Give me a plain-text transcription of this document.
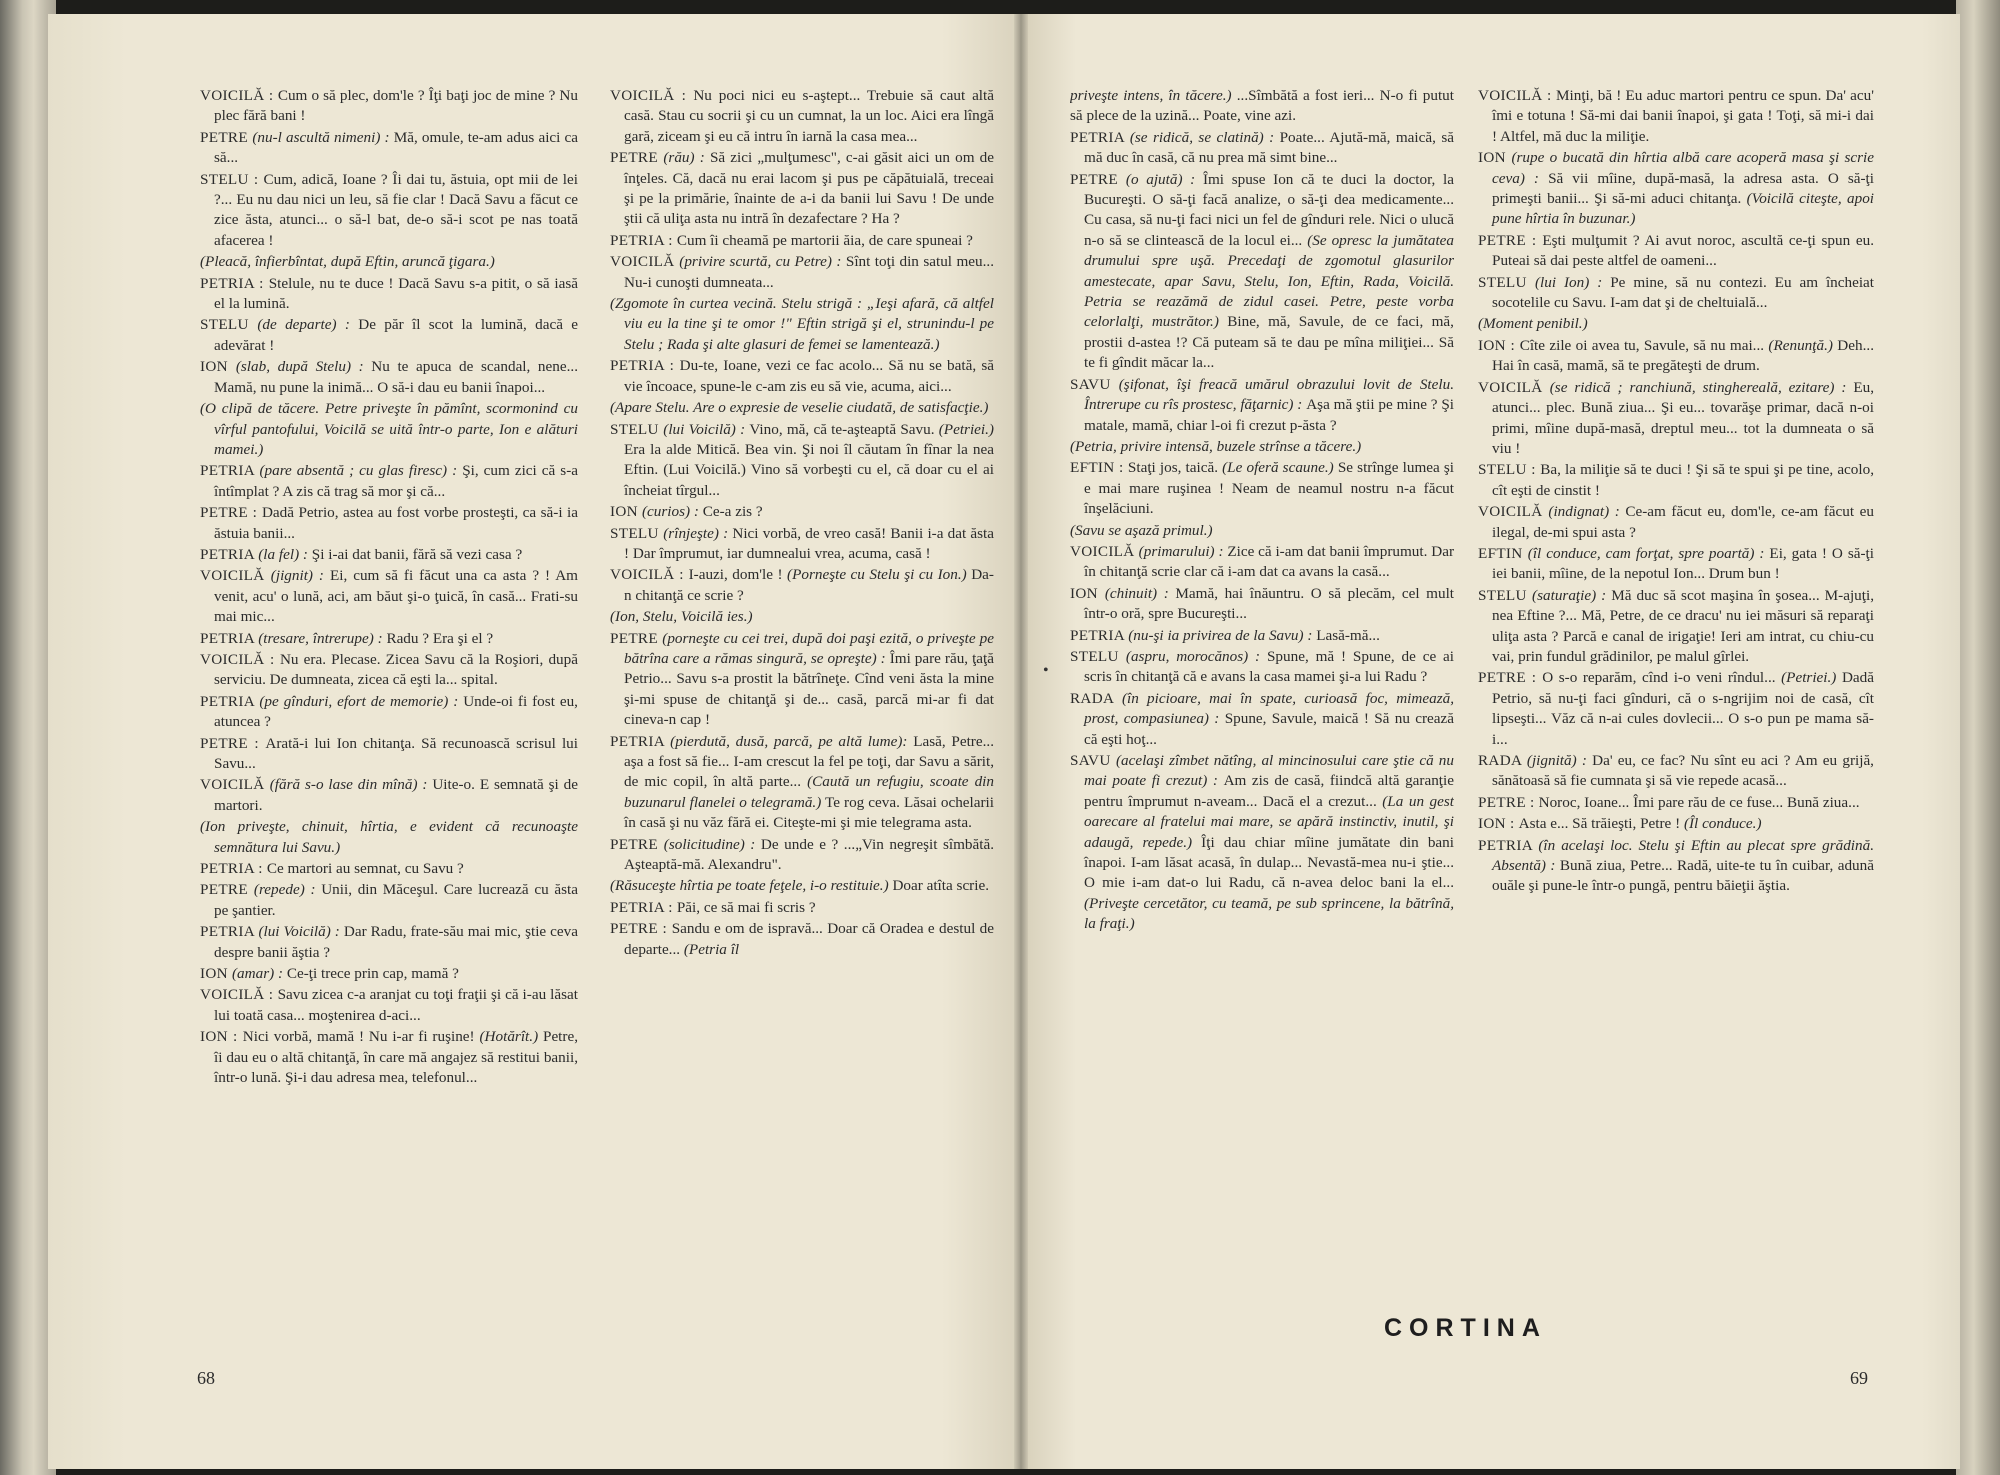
VOICILĂ : Cum o să plec, dom'le ? Îţi baţi joc de mine ? Nu plec fără bani !

PETRE (nu-l ascultă nimeni) : Mă, omule, te-am adus aici ca să...

STELU : Cum, adică, Ioane ? Îi dai tu, ăstuia, opt mii de lei ?... Eu nu dau nici un leu, să fie clar ! Dacă Savu a făcut ce zice ăsta, atunci... o să-l bat, de-o să-i scot pe nas toată afacerea !

(Pleacă, înfierbîntat, după Eftin, aruncă ţigara.)

PETRIA : Stelule, nu te duce ! Dacă Savu s-a pitit, o să iasă el la lumină.

STELU (de departe) : De păr îl scot la lumină, dacă e adevărat !

ION (slab, după Stelu) : Nu te apuca de scandal, nene... Mamă, nu pune la inimă... O să-i dau eu banii înapoi...

(O clipă de tăcere. Petre priveşte în pămînt, scormonind cu vîrful pantofului, Voicilă se uită într-o parte, Ion e alături mamei.)

PETRIA (pare absentă ; cu glas firesc) : Şi, cum zici că s-a întîmplat ? A zis că trag să mor şi că...

PETRE : Dadă Petrio, astea au fost vorbe prosteşti, ca să-i ia ăstuia banii...

PETRIA (la fel) : Şi i-ai dat banii, fără să vezi casa ?

VOICILĂ (jignit) : Ei, cum să fi făcut una ca asta ? ! Am venit, acu' o lună, aci, am băut şi-o ţuică, în casă... Frati-su mai mic...

PETRIA (tresare, întrerupe) : Radu ? Era şi el ?

VOICILĂ : Nu era. Plecase. Zicea Savu că la Roşiori, după serviciu. De dumneata, zicea că eşti la... spital.

PETRIA (pe gînduri, efort de memorie) : Unde-oi fi fost eu, atuncea ?

PETRE : Arată-i lui Ion chitanţa. Să recunoască scrisul lui Savu...

VOICILĂ (fără s-o lase din mînă) : Uite-o. E semnată şi de martori.

(Ion priveşte, chinuit, hîrtia, e evident că recunoaşte semnătura lui Savu.)

PETRIA : Ce martori au semnat, cu Savu ?

PETRE (repede) : Unii, din Măceşul. Care lucrează cu ăsta pe şantier.

PETRIA (lui Voicilă) : Dar Radu, frate-său mai mic, ştie ceva despre banii ăştia ?

ION (amar) : Ce-ţi trece prin cap, mamă ?

VOICILĂ : Savu zicea c-a aranjat cu toţi fraţii şi că i-au lăsat lui toată casa... moştenirea d-aci...

ION : Nici vorbă, mamă ! Nu i-ar fi ruşine! (Hotărît.) Petre, îi dau eu o altă chitanţă, în care mă angajez să restitui banii, într-o lună. Şi-i dau adresa mea, telefonul...

VOICILĂ : Nu poci nici eu s-aştept... Trebuie să caut altă casă. Stau cu socrii şi cu un cumnat, la un loc. Aici era lîngă gară, ziceam şi eu că intru în iarnă la casa mea...

PETRE (rău) : Să zici „mulţumesc", c-ai găsit aici un om de înţeles. Că, dacă nu erai lacom şi pus pe căpătuială, treceai şi pe la primărie, înainte de a-i da banii lui Savu ! De unde ştii că uliţa asta nu intră în dezafectare ? Ha ?

PETRIA : Cum îi cheamă pe martorii ăia, de care spuneai ?

VOICILĂ (privire scurtă, cu Petre) : Sînt toţi din satul meu... Nu-i cunoşti dumneata...

(Zgomote în curtea vecină. Stelu strigă : „Ieşi afară, că altfel viu eu la tine şi te omor !" Eftin strigă şi el, strunindu-l pe Stelu ; Rada şi alte glasuri de femei se lamentează.)

PETRIA : Du-te, Ioane, vezi ce fac acolo... Să nu se bată, să vie încoace, spune-le c-am zis eu să vie, acuma, aici...

(Apare Stelu. Are o expresie de veselie ciudată, de satisfacţie.)

STELU (lui Voicilă) : Vino, mă, că te-aşteaptă Savu. (Petriei.) Era la alde Mitică. Bea vin. Şi noi îl căutam în fînar la nea Eftin. (Lui Voicilă.) Vino să vorbeşti cu el, că doar cu el ai încheiat tîrgul...

ION (curios) : Ce-a zis ?

STELU (rînjeşte) : Nici vorbă, de vreo casă! Banii i-a dat ăsta ! Dar împrumut, iar dumnealui vrea, acuma, casă !

VOICILĂ : I-auzi, dom'le ! (Porneşte cu Stelu şi cu Ion.) Da-n chitanţă ce scrie ?

(Ion, Stelu, Voicilă ies.)

PETRE (porneşte cu cei trei, după doi paşi ezită, o priveşte pe bătrîna care a rămas singură, se opreşte) : Îmi pare rău, ţaţă Petrio... Savu s-a prostit la bătrîneţe. Cînd veni ăsta la mine şi-mi spuse de chitanţă şi de... casă, parcă mi-ar fi dat cineva-n cap !

PETRIA (pierdută, dusă, parcă, pe altă lume): Lasă, Petre... aşa a fost să fie... I-am crescut la fel pe toţi, dar Savu a sărit, de mic copil, în altă parte... (Caută un refugiu, scoate din buzunarul flanelei o telegramă.) Te rog ceva. Lăsai ochelarii în casă şi nu văz fără ei. Citeşte-mi şi mie telegrama asta.

PETRE (solicitudine) : De unde e ? ...„Vin negreşit sîmbătă. Aşteaptă-mă. Alexandru".

(Răsuceşte hîrtia pe toate feţele, i-o restituie.) Doar atîta scrie.

PETRIA : Păi, ce să mai fi scris ?

PETRE : Sandu e om de ispravă... Doar că Oradea e destul de departe... (Petria îl

priveşte intens, în tăcere.) ...Sîmbătă a fost ieri... N-o fi putut să plece de la uzină... Poate, vine azi.

PETRIA (se ridică, se clatină) : Poate... Ajută-mă, maică, să mă duc în casă, că nu prea mă simt bine...

PETRE (o ajută) : Îmi spuse Ion că te duci la doctor, la Bucureşti. O să-ţi facă analize, o să-ţi dea medicamente... Cu casa, să nu-ţi faci nici un fel de gînduri rele. Nici o ulucă n-o să se clintească de la locul ei... (Se opresc la jumătatea drumului spre uşă. Precedaţi de zgomotul glasurilor amestecate, apar Savu, Stelu, Ion, Eftin, Rada, Voicilă. Petria se reazămă de zidul casei. Petre, peste vorba celorlalţi, mustrător.) Bine, mă, Savule, de ce faci, mă, prostii d-astea !? Că puteam să te dau pe mîna miliţiei... Să te fi gîndit măcar la...

SAVU (şifonat, îşi freacă umărul obrazului lovit de Stelu. Întrerupe cu rîs prostesc, făţarnic) : Aşa mă ştii pe mine ? Şi matale, mamă, chiar l-oi fi crezut p-ăsta ?

(Petria, privire intensă, buzele strînse a tăcere.)

EFTIN : Staţi jos, taică. (Le oferă scaune.) Se strînge lumea şi e mai mare ruşinea ! Neam de neamul nostru n-a făcut înşelăciuni.

(Savu se aşază primul.)

VOICILĂ (primarului) : Zice că i-am dat banii împrumut. Dar în chitanţă scrie clar că i-am dat ca avans la casă...

ION (chinuit) : Mamă, hai înăuntru. O să plecăm, cel mult într-o oră, spre Bucureşti...

PETRIA (nu-şi ia privirea de la Savu) : Lasă-mă...

STELU (aspru, morocănos) : Spune, mă ! Spune, de ce ai scris în chitanţă că e avans la casa mamei şi-a lui Radu ?

RADA (în picioare, mai în spate, curioasă foc, mimează, prost, compasiunea) : Spune, Savule, maică ! Să nu crează că eşti hoţ...

SAVU (acelaşi zîmbet nătîng, al mincinosului care ştie că nu mai poate fi crezut) : Am zis de casă, fiindcă altă garanţie pentru împrumut n-aveam... Dacă el a crezut... (La un gest oarecare al fratelui mai mare, se apără instinctiv, inutil, şi adaugă, repede.) Îţi dau chiar mîine jumătate din bani înapoi. I-am lăsat acasă, în dulap... Nevastă-mea nu-i ştie... O mie i-am dat-o lui Radu, că n-avea deloc bani la el... (Priveşte cercetător, cu teamă, pe sub sprincene, la bătrînă, la fraţi.)

VOICILĂ : Minţi, bă ! Eu aduc martori pentru ce spun. Da' acu' îmi e totuna ! Să-mi dai banii înapoi, şi gata ! Toţi, să mi-i dai ! Altfel, mă duc la miliţie.

ION (rupe o bucată din hîrtia albă care acoperă masa şi scrie ceva) : Să vii mîine, după-masă, la adresa asta. O să-ţi primeşti banii... Şi să-mi aduci chitanţa. (Voicilă citeşte, apoi pune hîrtia în buzunar.)

PETRE : Eşti mulţumit ? Ai avut noroc, ascultă ce-ţi spun eu. Puteai să dai peste altfel de oameni...

STELU (lui Ion) : Pe mine, să nu contezi. Eu am încheiat socotelile cu Savu. I-am dat şi de cheltuială...

(Moment penibil.)

ION : Cîte zile oi avea tu, Savule, să nu mai... (Renunţă.) Deh... Hai în casă, mamă, să te pregăteşti de drum.

VOICILĂ (se ridică ; ranchiună, stinghereală, ezitare) : Eu, atunci... plec. Bună ziua... Şi eu... tovarăşe primar, dacă n-oi primi, mîine după-masă, dreptul meu... tot la dumneata o să viu !

STELU : Ba, la miliţie să te duci ! Şi să te spui şi pe tine, acolo, cît eşti de cinstit !

VOICILĂ (indignat) : Ce-am făcut eu, dom'le, ce-am făcut eu ilegal, de-mi spui asta ?

EFTIN (îl conduce, cam forţat, spre poartă) : Ei, gata ! O să-ţi iei banii, mîine, de la nepotul Ion... Drum bun !

STELU (saturaţie) : Mă duc să scot maşina în şosea... M-ajuţi, nea Eftine ?... Mă, Petre, de ce dracu' nu iei măsuri să reparaţi uliţa asta ? Parcă e canal de irigaţie! Ieri am intrat, cu chiu-cu vai, prin fundul grădinilor, pe malul gîrlei.

PETRE : O s-o reparăm, cînd i-o veni rîndul... (Petriei.) Dadă Petrio, să nu-ţi faci gînduri, că o s-ngrijim noi de casă, cît lipseşti... Văz că n-ai cules dovlecii... O s-o pun pe mama să-i...

RADA (jignită) : Da' eu, ce fac? Nu sînt eu aci ? Am eu grijă, sănătoasă să fie cumnata şi să vie repede acasă...

PETRE : Noroc, Ioane... Îmi pare rău de ce fuse... Bună ziua...

ION : Asta e... Să trăieşti, Petre ! (Îl conduce.)

PETRIA (în acelaşi loc. Stelu şi Eftin au plecat spre grădină. Absentă) : Bună ziua, Petre... Radă, uite-te tu în cuibar, adună ouăle şi pune-le într-o pungă, pentru băieţii ăştia.

•
CORTINA
68	69
